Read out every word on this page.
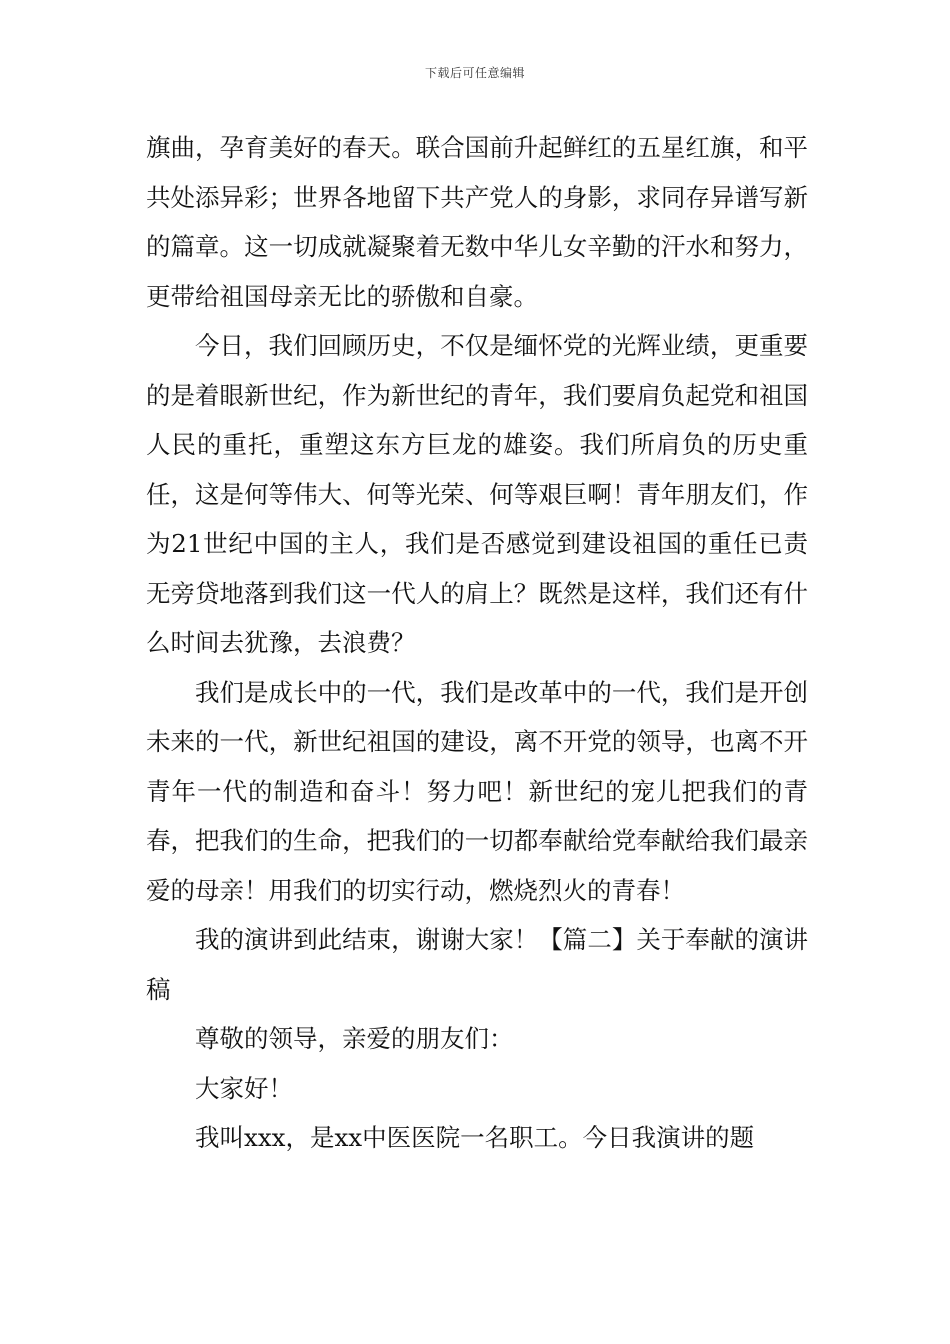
下载后可任意编辑

旗曲，孕育美好的春天。联合国前升起鲜红的五星红旗，和平共处添异彩；世界各地留下共产党人的身影，求同存异谱写新的篇章。这一切成就凝聚着无数中华儿女辛勤的汗水和努力，更带给祖国母亲无比的骄傲和自豪。

今日，我们回顾历史，不仅是缅怀党的光辉业绩，更重要的是着眼新世纪，作为新世纪的青年，我们要肩负起党和祖国人民的重托，重塑这东方巨龙的雄姿。我们所肩负的历史重任，这是何等伟大、何等光荣、何等艰巨啊！青年朋友们，作为21世纪中国的主人，我们是否感觉到建设祖国的重任已责无旁贷地落到我们这一代人的肩上？既然是这样，我们还有什么时间去犹豫，去浪费？

我们是成长中的一代，我们是改革中的一代，我们是开创未来的一代，新世纪祖国的建设，离不开党的领导，也离不开青年一代的制造和奋斗！努力吧！新世纪的宠儿把我们的青春，把我们的生命，把我们的一切都奉献给党奉献给我们最亲爱的母亲！用我们的切实行动，燃烧烈火的青春！

我的演讲到此结束，谢谢大家！【篇二】关于奉献的演讲稿

尊敬的领导，亲爱的朋友们：

大家好！

我叫xxx，是xx中医医院一名职工。今日我演讲的题
